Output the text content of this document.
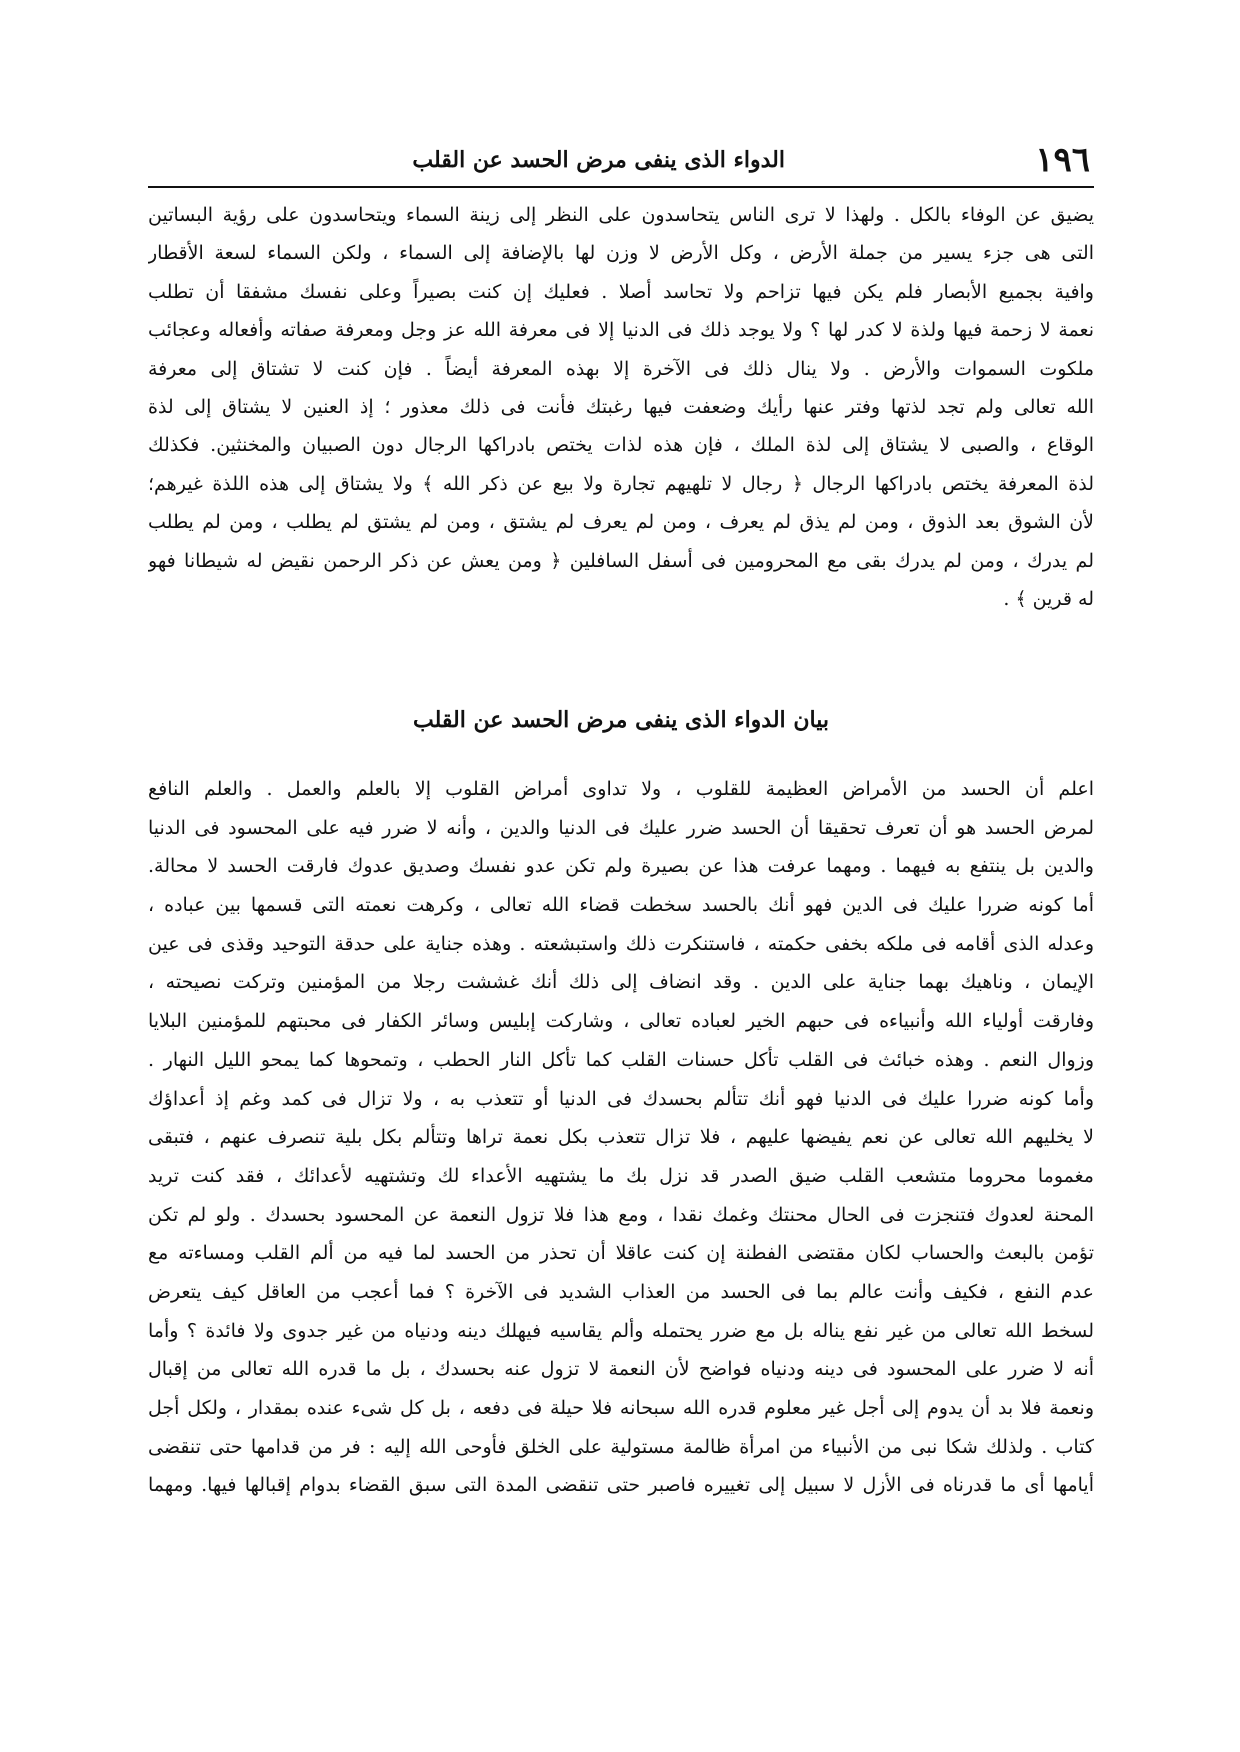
١٩٦
الدواء الذى ينفى مرض الحسد عن القلب
يضيق عن الوفاء بالكل . ولهذا لا ترى الناس يتحاسدون على النظر إلى زينة السماء ويتحاسدون على رؤية البساتين
التى هى جزء يسير من جملة الأرض ، وكل الأرض لا وزن لها بالإضافة إلى السماء ، ولكن السماء لسعة الأقطار
وافية بجميع الأبصار فلم يكن فيها تزاحم ولا تحاسد أصلا . فعليك إن كنت بصيراً وعلى نفسك مشفقا أن تطلب
نعمة لا زحمة فيها ولذة لا كدر لها ؟ ولا يوجد ذلك فى الدنيا إلا فى معرفة الله عز وجل ومعرفة صفاته وأفعاله وعجائب
ملكوت السموات والأرض . ولا ينال ذلك فى الآخرة إلا بهذه المعرفة أيضاً . فإن كنت لا تشتاق إلى معرفة
الله تعالى ولم تجد لذتها وفتر عنها رأيك وضعفت فيها رغبتك فأنت فى ذلك معذور ؛ إذ العنين لا يشتاق إلى لذة
الوقاع ، والصبى لا يشتاق إلى لذة الملك ، فإن هذه لذات يختص بادراكها الرجال دون الصبيان والمخنثين. فكذلك
لذة المعرفة يختص بادراكها الرجال ﴿ رجال لا تلهيهم تجارة ولا بيع عن ذكر الله ﴾ ولا يشتاق إلى هذه اللذة غيرهم؛
لأن الشوق بعد الذوق ، ومن لم يذق لم يعرف ، ومن لم يعرف لم يشتق ، ومن لم يشتق لم يطلب ، ومن لم يطلب
لم يدرك ، ومن لم يدرك بقى مع المحرومين فى أسفل السافلين ﴿ ومن يعش عن ذكر الرحمن نقيض له شيطانا فهو
له قرين ﴾ .
بيان الدواء الذى ينفى مرض الحسد عن القلب
اعلم أن الحسد من الأمراض العظيمة للقلوب ، ولا تداوى أمراض القلوب إلا بالعلم والعمل . والعلم النافع
لمرض الحسد هو أن تعرف تحقيقا أن الحسد ضرر عليك فى الدنيا والدين ، وأنه لا ضرر فيه على المحسود فى الدنيا
والدين بل ينتفع به فيهما . ومهما عرفت هذا عن بصيرة ولم تكن عدو نفسك وصديق عدوك فارقت الحسد لا محالة.
أما كونه ضررا عليك فى الدين فهو أنك بالحسد سخطت قضاء الله تعالى ، وكرهت نعمته التى قسمها بين عباده ،
وعدله الذى أقامه فى ملكه بخفى حكمته ، فاستنكرت ذلك واستبشعته . وهذه جناية على حدقة التوحيد وقذى فى عين
الإيمان ، وناهيك بهما جناية على الدين . وقد انضاف إلى ذلك أنك غششت رجلا من المؤمنين وتركت نصيحته ،
وفارقت أولياء الله وأنبياءه فى حبهم الخير لعباده تعالى ، وشاركت إبليس وسائر الكفار فى محبتهم للمؤمنين البلايا
وزوال النعم . وهذه خبائث فى القلب تأكل حسنات القلب كما تأكل النار الحطب ، وتمحوها كما يمحو الليل النهار .
وأما كونه ضررا عليك فى الدنيا فهو أنك تتألم بحسدك فى الدنيا أو تتعذب به ، ولا تزال فى كمد وغم إذ أعداؤك
لا يخليهم الله تعالى عن نعم يفيضها عليهم ، فلا تزال تتعذب بكل نعمة تراها وتتألم بكل بلية تنصرف عنهم ، فتبقى
مغموما محروما متشعب القلب ضيق الصدر قد نزل بك ما يشتهيه الأعداء لك وتشتهيه لأعدائك ، فقد كنت تريد
المحنة لعدوك فتنجزت فى الحال محنتك وغمك نقدا ، ومع هذا فلا تزول النعمة عن المحسود بحسدك . ولو لم تكن
تؤمن بالبعث والحساب لكان مقتضى الفطنة إن كنت عاقلا أن تحذر من الحسد لما فيه من ألم القلب ومساءته مع
عدم النفع ، فكيف وأنت عالم بما فى الحسد من العذاب الشديد فى الآخرة ؟ فما أعجب من العاقل كيف يتعرض
لسخط الله تعالى من غير نفع يناله بل مع ضرر يحتمله وألم يقاسيه فيهلك دينه ودنياه من غير جدوى ولا فائدة ؟ وأما
أنه لا ضرر على المحسود فى دينه ودنياه فواضح لأن النعمة لا تزول عنه بحسدك ، بل ما قدره الله تعالى من إقبال
ونعمة فلا بد أن يدوم إلى أجل غير معلوم قدره الله سبحانه فلا حيلة فى دفعه ، بل كل شىء عنده بمقدار ، ولكل أجل
كتاب . ولذلك شكا نبى من الأنبياء من امرأة ظالمة مستولية على الخلق فأوحى الله إليه : فر من قدامها حتى تنقضى
أيامها أى ما قدرناه فى الأزل لا سبيل إلى تغييره فاصبر حتى تنقضى المدة التى سبق القضاء بدوام إقبالها فيها. ومهما
